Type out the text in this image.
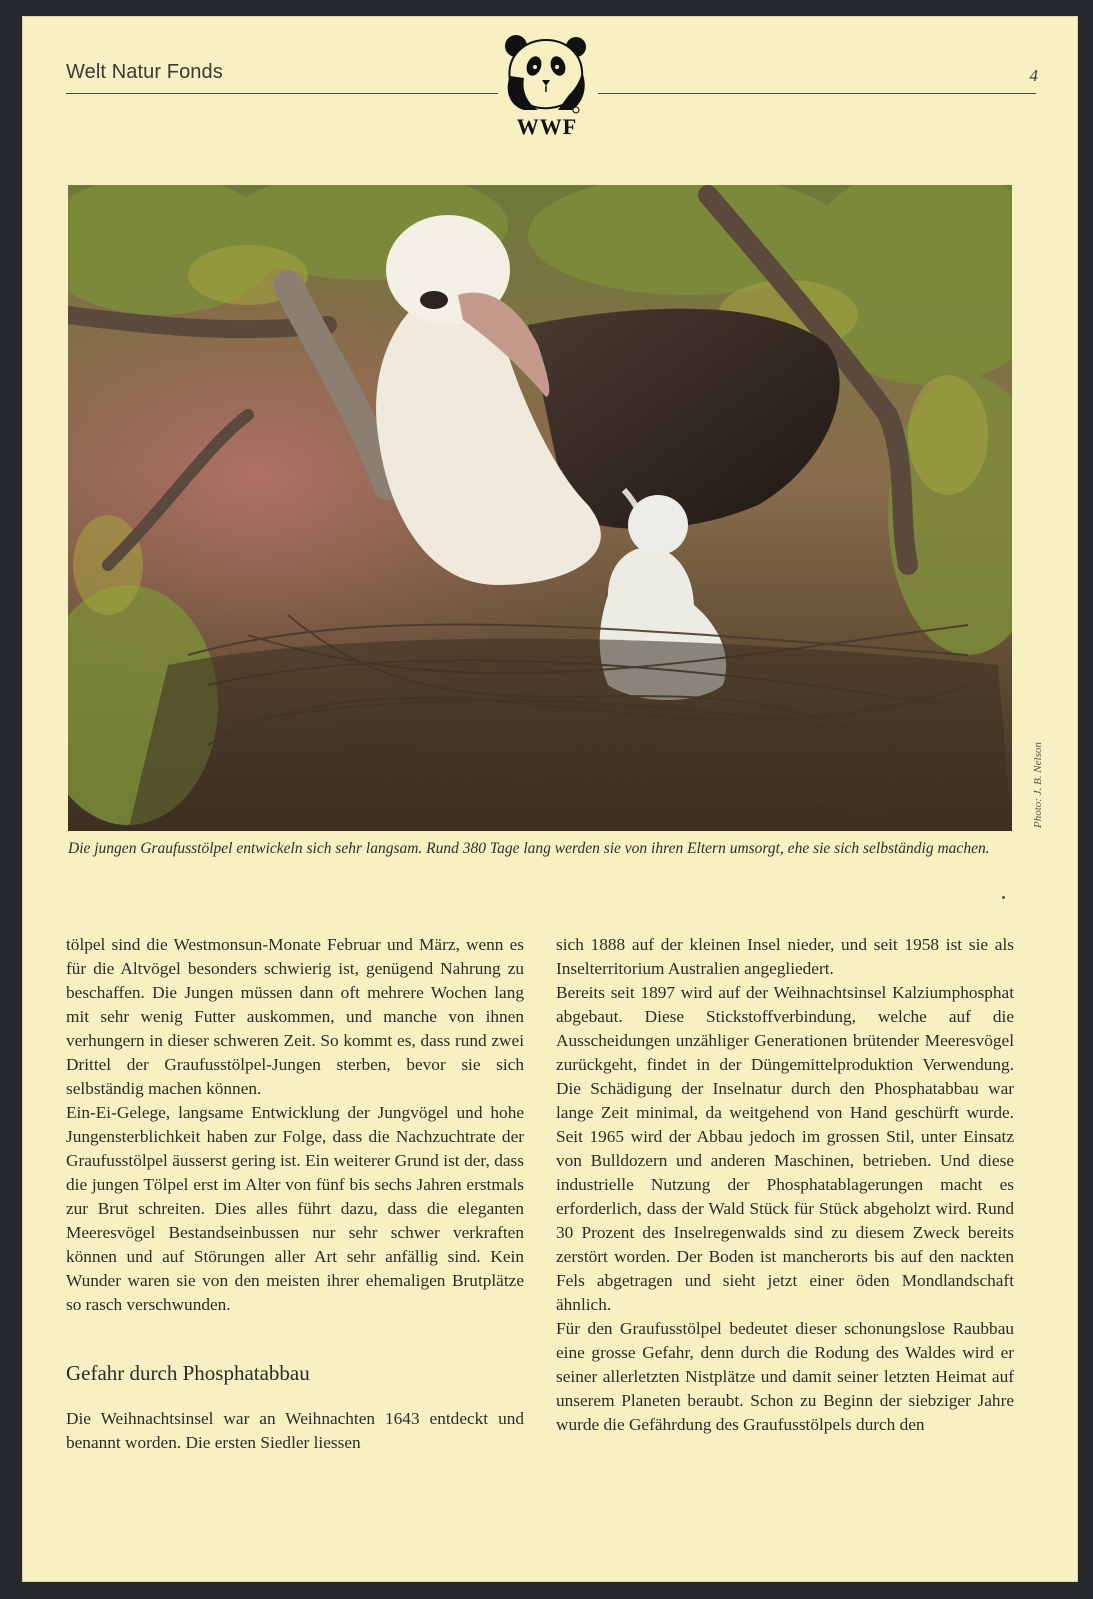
Welt Natur Fonds	4
WWF
Photo: J. B. Nelson
Die jungen Graufusstölpel entwickeln sich sehr langsam. Rund 380 Tage lang werden sie von ihren Eltern umsorgt, ehe sie sich selbständig machen.

tölpel sind die Westmonsun-Monate Februar und März, wenn es für die Altvögel besonders schwierig ist, genügend Nahrung zu beschaffen. Die Jungen müssen dann oft mehrere Wochen lang mit sehr wenig Futter auskommen, und manche von ihnen verhungern in dieser schweren Zeit. So kommt es, dass rund zwei Drittel der Graufusstölpel-Jungen sterben, bevor sie sich selbständig machen können.

Ein-Ei-Gelege, langsame Entwicklung der Jungvögel und hohe Jungensterblichkeit haben zur Folge, dass die Nachzuchtrate der Graufusstölpel äusserst gering ist. Ein weiterer Grund ist der, dass die jungen Tölpel erst im Alter von fünf bis sechs Jahren erstmals zur Brut schreiten. Dies alles führt dazu, dass die eleganten Meeresvögel Bestandseinbussen nur sehr schwer verkraften können und auf Störungen aller Art sehr anfällig sind. Kein Wunder waren sie von den meisten ihrer ehemaligen Brutplätze so rasch verschwunden.

Gefahr durch Phosphatabbau

Die Weihnachtsinsel war an Weihnachten 1643 entdeckt und benannt worden. Die ersten Siedler liessen

sich 1888 auf der kleinen Insel nieder, und seit 1958 ist sie als Inselterritorium Australien angegliedert.

Bereits seit 1897 wird auf der Weihnachtsinsel Kalziumphosphat abgebaut. Diese Stickstoffverbindung, welche auf die Ausscheidungen unzähliger Generationen brütender Meeresvögel zurückgeht, findet in der Düngemittelproduktion Verwendung. Die Schädigung der Inselnatur durch den Phosphatabbau war lange Zeit minimal, da weitgehend von Hand geschürft wurde. Seit 1965 wird der Abbau jedoch im grossen Stil, unter Einsatz von Bulldozern und anderen Maschinen, betrieben. Und diese industrielle Nutzung der Phosphatablagerungen macht es erforderlich, dass der Wald Stück für Stück abgeholzt wird. Rund 30 Prozent des Inselregenwalds sind zu diesem Zweck bereits zerstört worden. Der Boden ist mancherorts bis auf den nackten Fels abgetragen und sieht jetzt einer öden Mondlandschaft ähnlich.

Für den Graufusstölpel bedeutet dieser schonungslose Raubbau eine grosse Gefahr, denn durch die Rodung des Waldes wird er seiner allerletzten Nistplätze und damit seiner letzten Heimat auf unserem Planeten beraubt. Schon zu Beginn der siebziger Jahre wurde die Gefährdung des Graufusstölpels durch den
